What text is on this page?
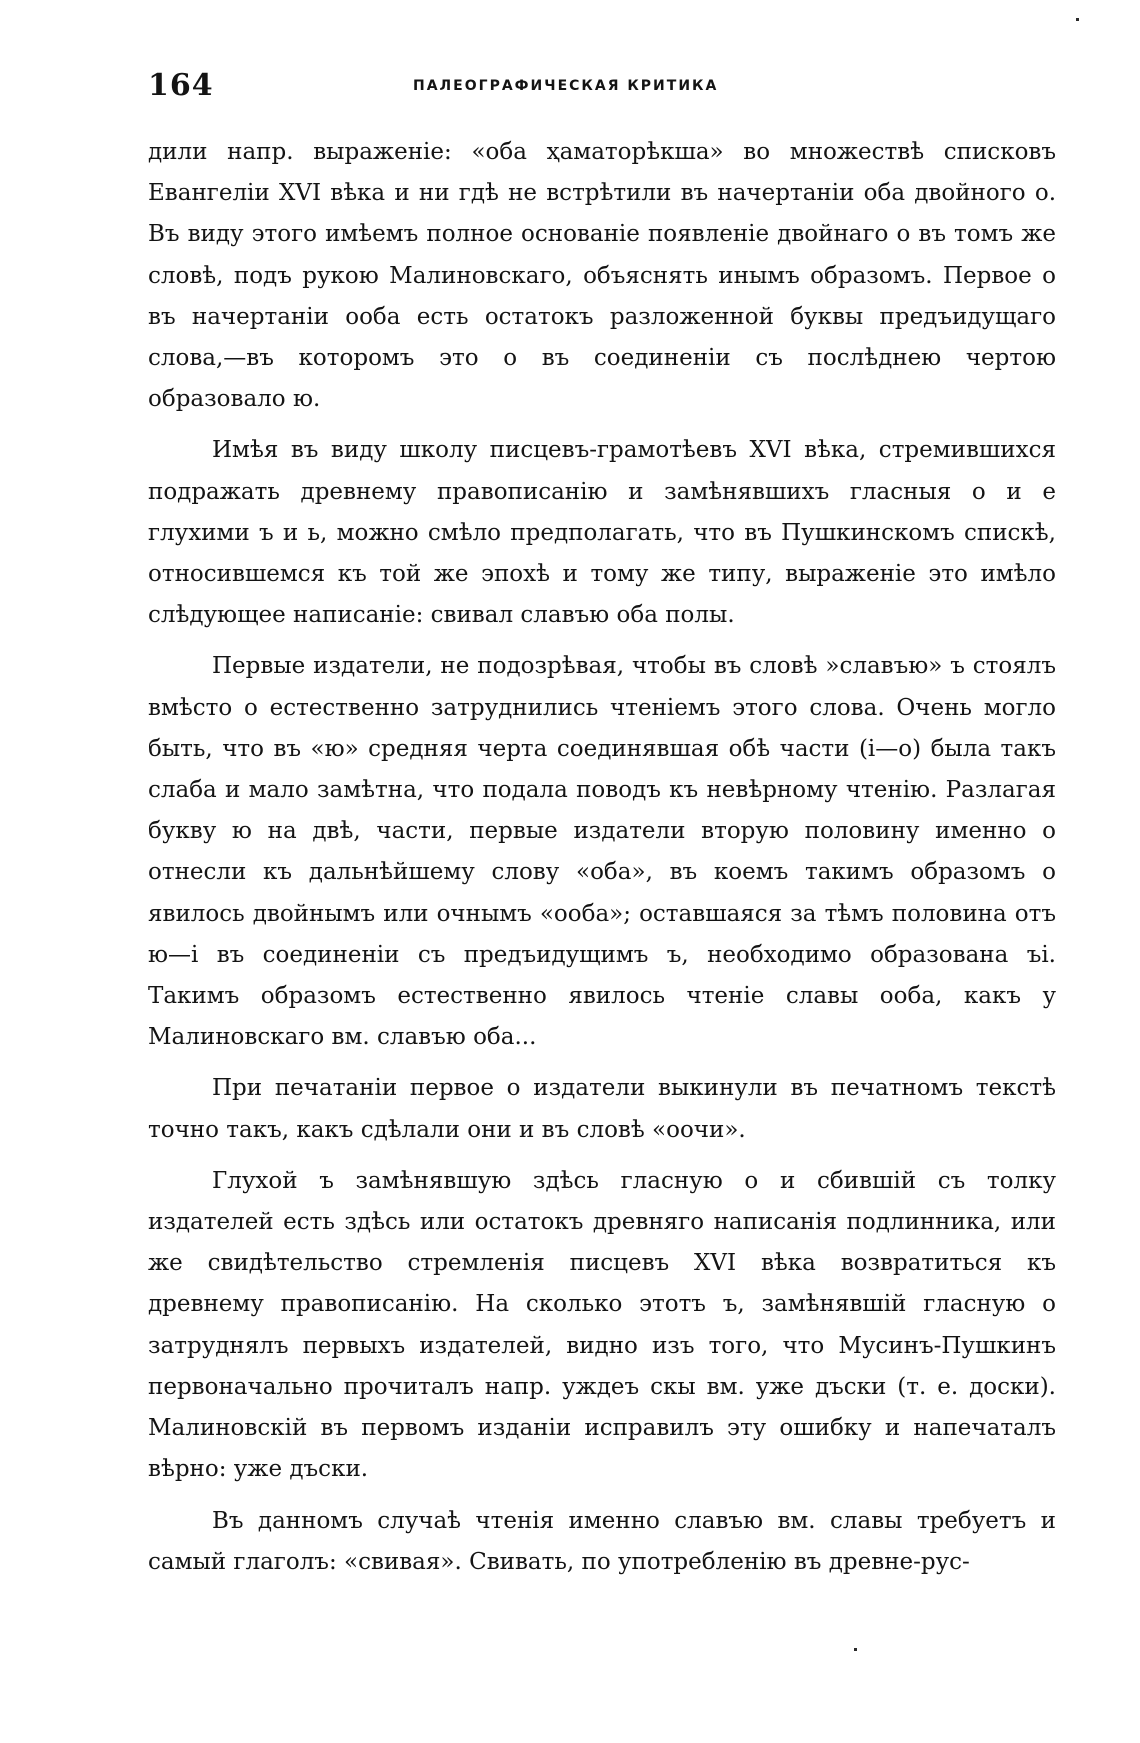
164	ПАЛЕОГРАФИЧЕСКАЯ КРИТИКА

дили напр. выраженіе: «оба ҳаматорѣкша» во множествѣ списковъ Евангеліи XVI вѣка и ни гдѣ не встрѣтили въ начертаніи оба двойного о. Въ виду этого имѣемъ полное основаніе появленіе двойнаго о въ томъ же словѣ, подъ рукою Малиновскаго, объяснять инымъ образомъ. Первое о въ начертаніи ооба есть остатокъ разложенной буквы предъидущаго слова,—въ которомъ это о въ соединеніи съ послѣднею чертою образовало ю.

Имѣя въ виду школу писцевъ-грамотѣевъ XVI вѣка, стремившихся подражать древнему правописанію и замѣнявшихъ гласныя о и е глухими ъ и ь, можно смѣло предполагать, что въ Пушкинскомъ спискѣ, относившемся къ той же эпохѣ и тому же типу, выраженіе это имѣло слѣдующее написаніе: свивал славъю оба полы.

Первые издатели, не подозрѣвая, чтобы въ словѣ »славъю» ъ стоялъ вмѣсто о естественно затруднились чтеніемъ этого слова. Очень могло быть, что въ «ю» средняя черта соединявшая обѣ части (і—о) была такъ слаба и мало замѣтна, что подала поводъ къ невѣрному чтенію. Разлагая букву ю на двѣ, части, первые издатели вторую половину именно о отнесли къ дальнѣйшему слову «оба», въ коемъ такимъ образомъ о явилось двойнымъ или очнымъ «ооба»; оставшаяся за тѣмъ половина отъ ю—і въ соединеніи съ предъидущимъ ъ, необходимо образована ъі. Такимъ образомъ естественно явилось чтеніе славы ооба, какъ у Малиновскаго вм. славъю оба...

При печатаніи первое о издатели выкинули въ печатномъ текстѣ точно такъ, какъ сдѣлали они и въ словѣ «оочи».

Глухой ъ замѣнявшую здѣсь гласную о и сбившій съ толку издателей есть здѣсь или остатокъ древняго написанія подлинника, или же свидѣтельство стремленія писцевъ XVI вѣка возвратиться къ древнему правописанію. На сколько этотъ ъ, замѣнявшій гласную о затруднялъ первыхъ издателей, видно изъ того, что Мусинъ-Пушкинъ первоначально прочиталъ напр. уждеъ скы вм. уже дъски (т. е. доски). Малиновскій въ первомъ изданіи исправилъ эту ошибку и напечаталъ вѣрно: уже дъски.

Въ данномъ случаѣ чтенія именно славъю вм. славы требуетъ и самый глаголъ: «свивая». Свивать, по употребленію въ древне-рус-
